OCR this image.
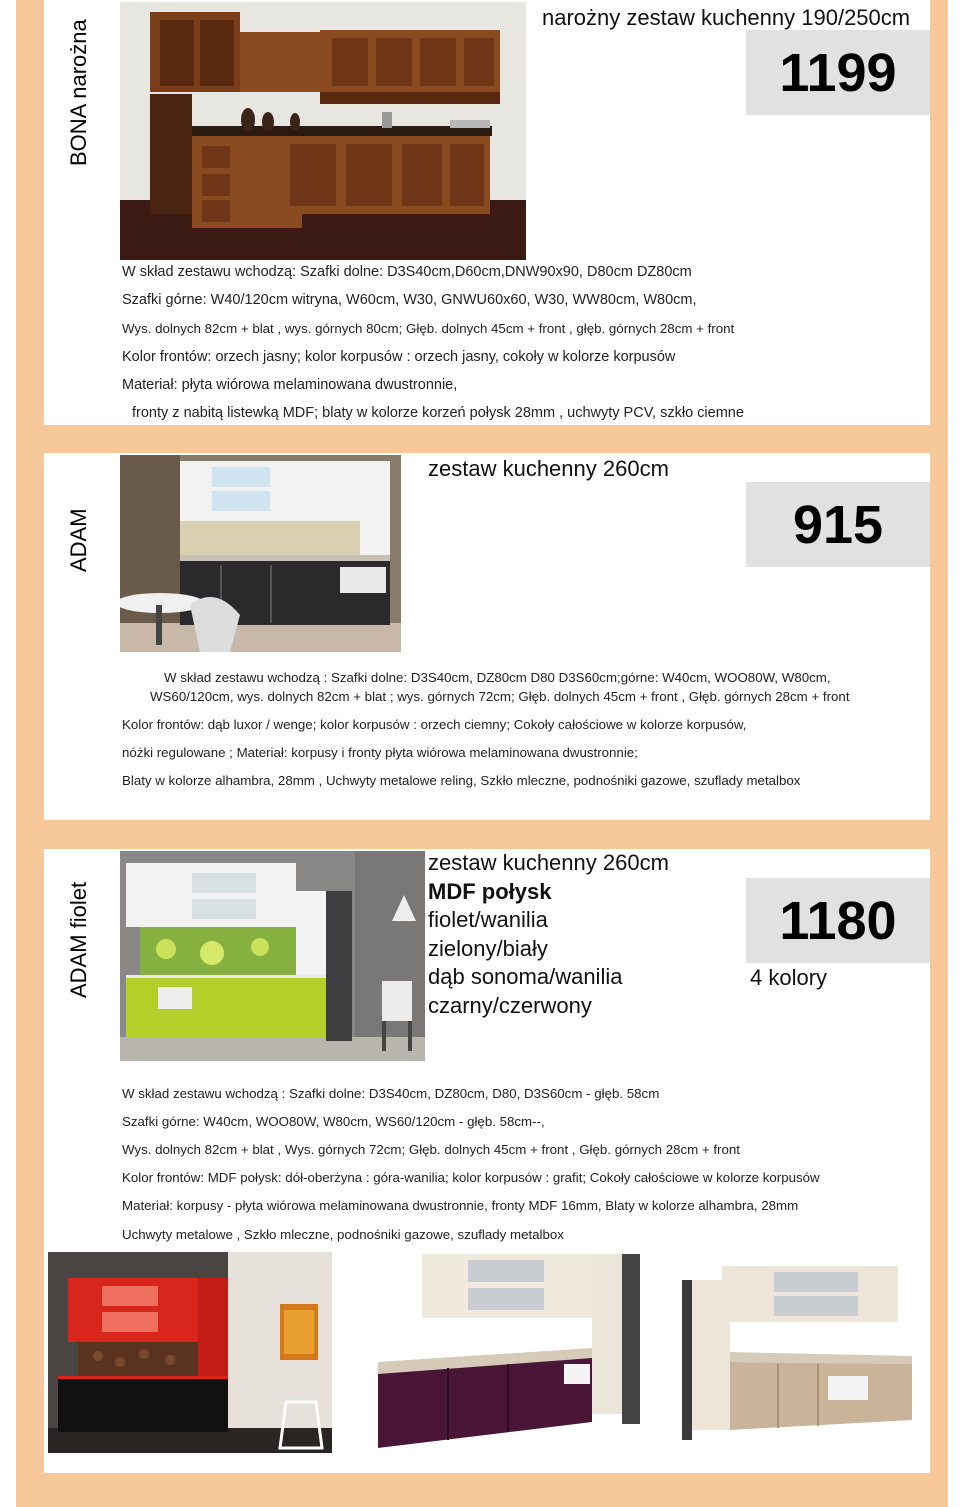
BONA narożna
narożny zestaw kuchenny 190/250cm
1199
W skład zestawu wchodzą: Szafki dolne: D3S40cm,D60cm,DNW90x90, D80cm DZ80cm
Szafki górne: W40/120cm witryna, W60cm, W30, GNWU60x60, W30, WW80cm, W80cm,
Wys. dolnych 82cm + blat , wys. górnych 80cm; Głęb. dolnych 45cm + front , głęb. górnych 28cm + front
Kolor frontów: orzech jasny; kolor korpusów : orzech jasny, cokoły w kolorze korpusów
Materiał: płyta wiórowa melaminowana dwustronnie,
fronty z nabitą listewką MDF; blaty w kolorze korzeń połysk 28mm , uchwyty PCV, szkło ciemne
ADAM
zestaw kuchenny 260cm
915
W skład zestawu wchodzą : Szafki dolne: D3S40cm, DZ80cm D80 D3S60cm;górne: W40cm, WOO80W, W80cm,
WS60/120cm, wys. dolnych 82cm + blat ; wys. górnych 72cm; Głęb. dolnych 45cm + front , Głęb. górnych 28cm + front
Kolor frontów: dąb luxor / wenge; kolor korpusów : orzech ciemny; Cokoły całościowe w kolorze korpusów,
nóżki regulowane ; Materiał: korpusy i fronty płyta wiórowa melaminowana dwustronnie;
Blaty w kolorze alhambra, 28mm , Uchwyty metalowe reling, Szkło mleczne, podnośniki gazowe, szuflady metalbox
ADAM fiolet
zestaw kuchenny 260cm
MDF połysk
fiolet/wanilia
zielony/biały
dąb sonoma/wanilia
czarny/czerwony
1180
4 kolory
W skład zestawu wchodzą : Szafki dolne: D3S40cm, DZ80cm, D80, D3S60cm - głęb. 58cm
Szafki górne: W40cm, WOO80W, W80cm, WS60/120cm - głęb. 58cm--,
Wys. dolnych 82cm + blat , Wys. górnych 72cm; Głęb. dolnych 45cm + front , Głęb. górnych 28cm + front
Kolor frontów: MDF połysk: dół-oberżyna : góra-wanilia; kolor korpusów : grafit; Cokoły całościowe w kolorze korpusów
Materiał: korpusy - płyta wiórowa melaminowana dwustronnie, fronty MDF 16mm, Blaty w kolorze alhambra, 28mm
Uchwyty metalowe , Szkło mleczne, podnośniki gazowe, szuflady metalbox
